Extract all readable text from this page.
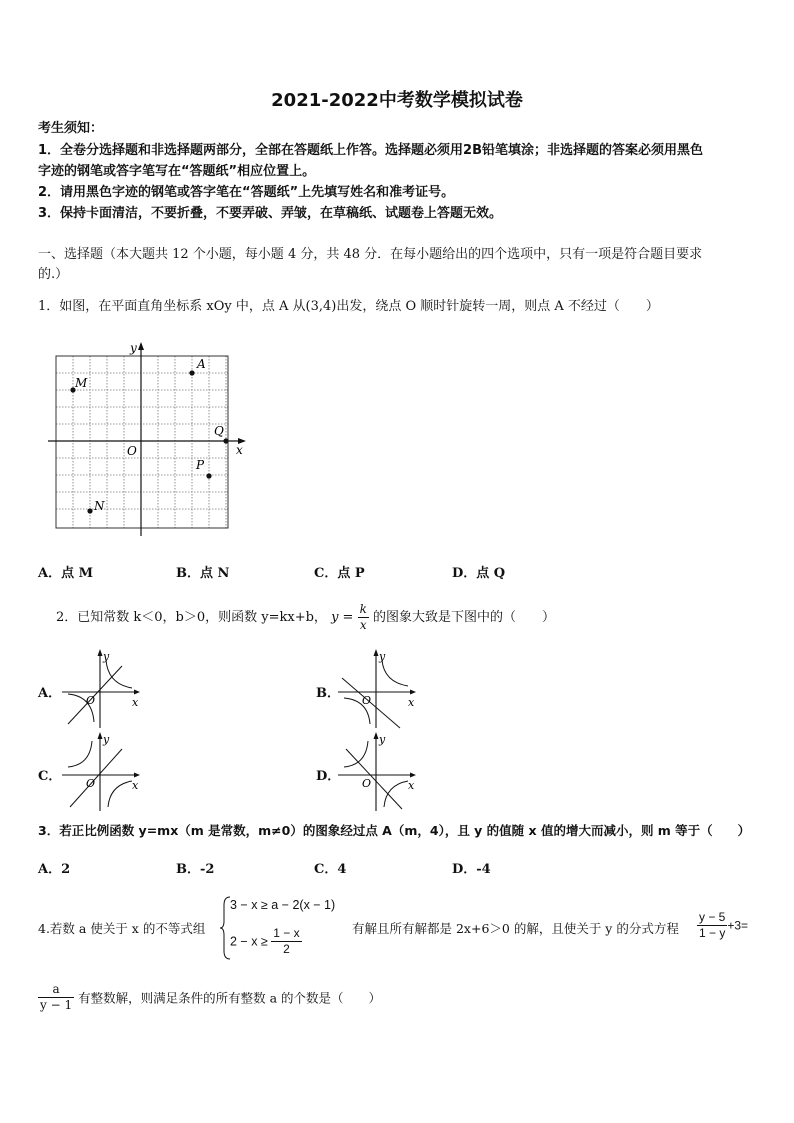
2021-2022中考数学模拟试卷
考生须知：
1．全卷分选择题和非选择题两部分，全部在答题纸上作答。选择题必须用2B铅笔填涂；非选择题的答案必须用黑色
字迹的钢笔或答字笔写在“答题纸”相应位置上。
2．请用黑色字迹的钢笔或答字笔在“答题纸”上先填写姓名和准考证号。
3．保持卡面清洁，不要折叠，不要弄破、弄皱，在草稿纸、试题卷上答题无效。
一、选择题（本大题共 12 个小题，每小题 4 分，共 48 分．在每小题给出的四个选项中，只有一项是符合题目要求
的.）
1．如图，在平面直角坐标系 xOy 中，点 A 从(3,4)出发，绕点 O 顺时针旋转一周，则点 A 不经过（　　）
y
x
O
A
M
Q
P
N
A．点 M	B．点 N	C．点 P	D．点 Q
2．已知常数 k＜0，b＞0，则函数 y=kx+b， $y = \frac{k}{x}$ 的图象大致是下图中的（　　）
A．
y
x
O	B．
y
x
O
C．
y
x
O	D．
y
x
O
3．若正比例函数 y=mx（m 是常数，m≠0）的图象经过点 A（m，4），且 y 的值随 x 值的增大而减小，则 m 等于（　　）
A．2	B．-2	C．4	D．-4
4.若数 a 使关于 x 的不等式组
3 − x ≥ a − 2(x − 1)
$2 - x \ge \frac{1 - x}{2}$	有解且所有解都是 2x+6＞0 的解，且使关于 y 的分式方程 $\frac{y - 5}{1 - y} +3=$
$\frac{a}{y - 1}$ 有整数解，则满足条件的所有整数 a 的个数是（　　）
